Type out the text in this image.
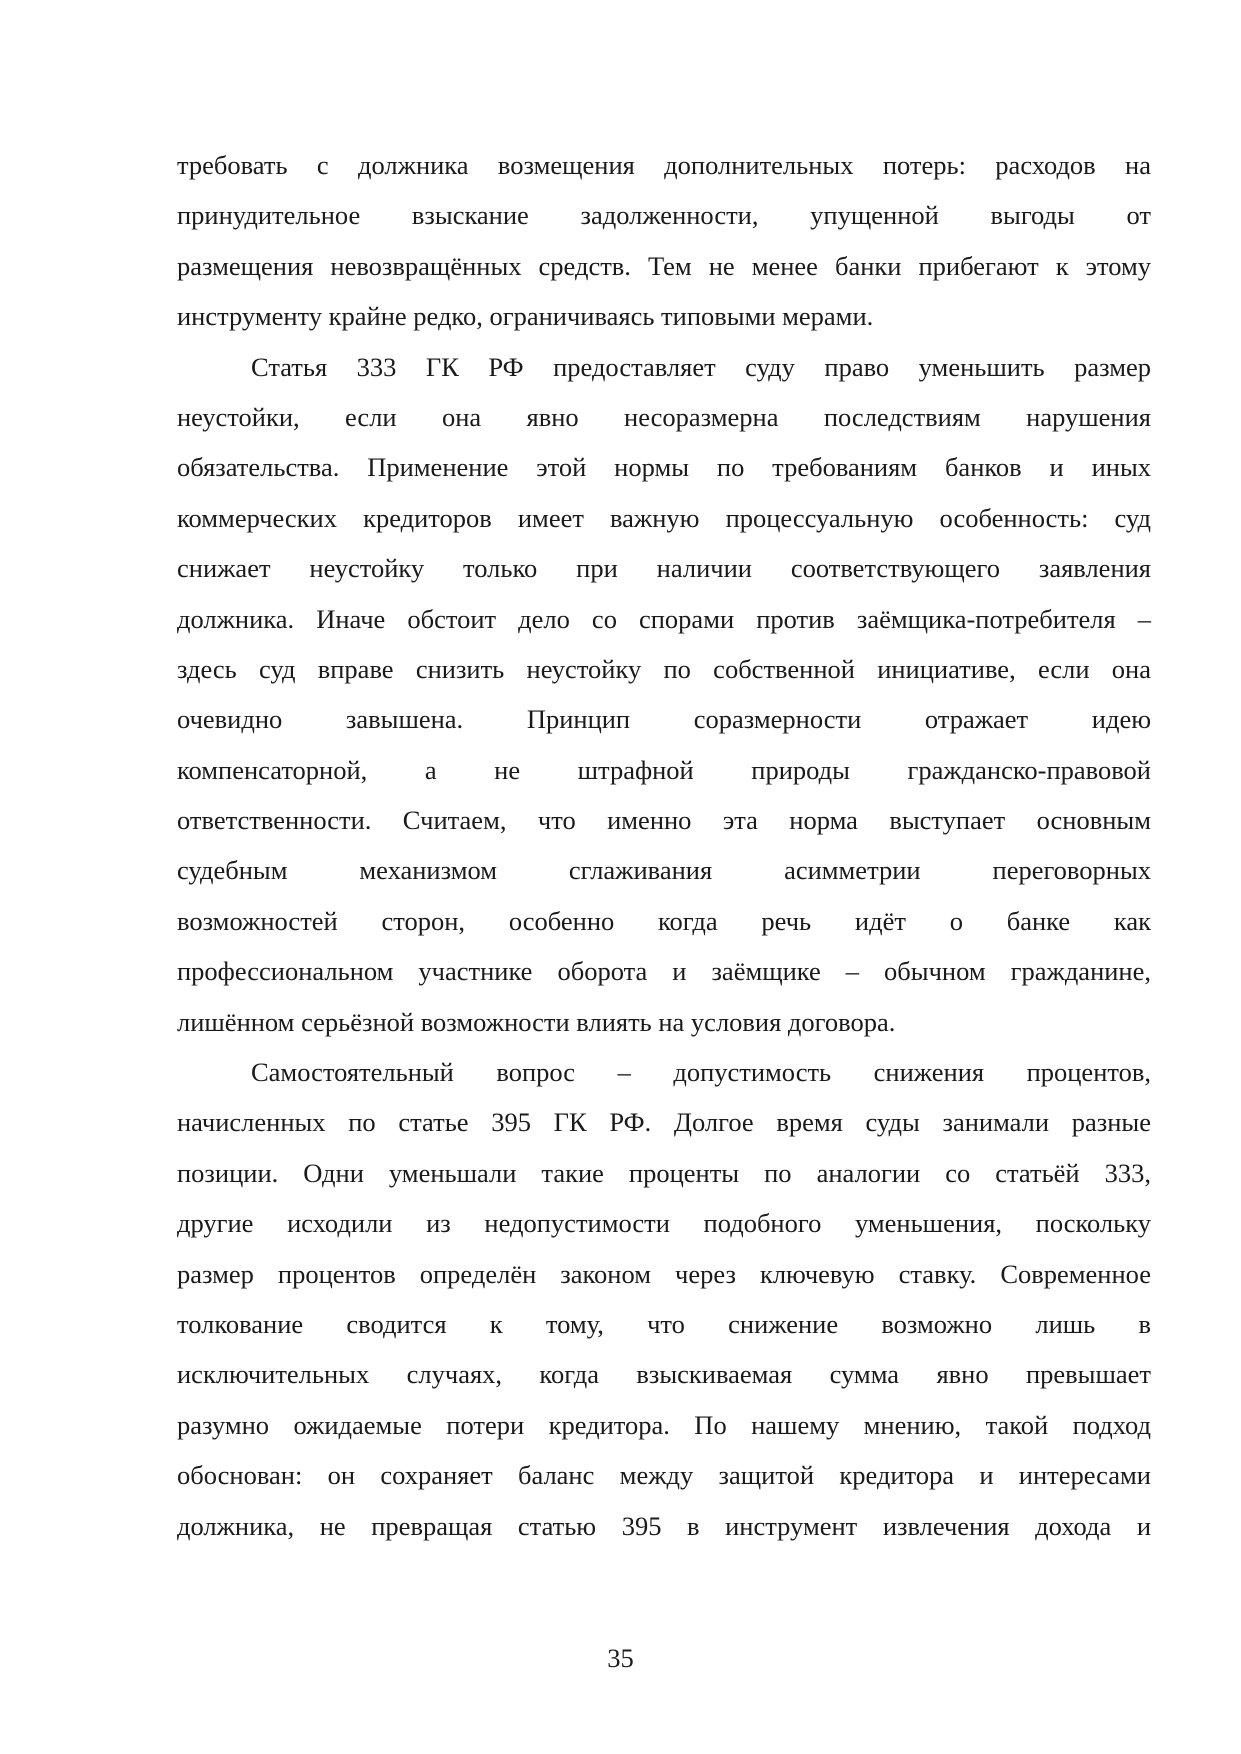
требовать с должника возмещения дополнительных потерь: расходов на
принудительное взыскание задолженности, упущенной выгоды от
размещения невозвращённых средств. Тем не менее банки прибегают к этому
инструменту крайне редко, ограничиваясь типовыми мерами.
Статья 333 ГК РФ предоставляет суду право уменьшить размер
неустойки, если она явно несоразмерна последствиям нарушения
обязательства. Применение этой нормы по требованиям банков и иных
коммерческих кредиторов имеет важную процессуальную особенность: суд
снижает неустойку только при наличии соответствующего заявления
должника. Иначе обстоит дело со спорами против заёмщика-потребителя –
здесь суд вправе снизить неустойку по собственной инициативе, если она
очевидно завышена. Принцип соразмерности отражает идею
компенсаторной, а не штрафной природы гражданско-правовой
ответственности. Считаем, что именно эта норма выступает основным
судебным механизмом сглаживания асимметрии переговорных
возможностей сторон, особенно когда речь идёт о банке как
профессиональном участнике оборота и заёмщике – обычном гражданине,
лишённом серьёзной возможности влиять на условия договора.
Самостоятельный вопрос – допустимость снижения процентов,
начисленных по статье 395 ГК РФ. Долгое время суды занимали разные
позиции. Одни уменьшали такие проценты по аналогии со статьёй 333,
другие исходили из недопустимости подобного уменьшения, поскольку
размер процентов определён законом через ключевую ставку. Современное
толкование сводится к тому, что снижение возможно лишь в
исключительных случаях, когда взыскиваемая сумма явно превышает
разумно ожидаемые потери кредитора. По нашему мнению, такой подход
обоснован: он сохраняет баланс между защитой кредитора и интересами
должника, не превращая статью 395 в инструмент извлечения дохода и
35
